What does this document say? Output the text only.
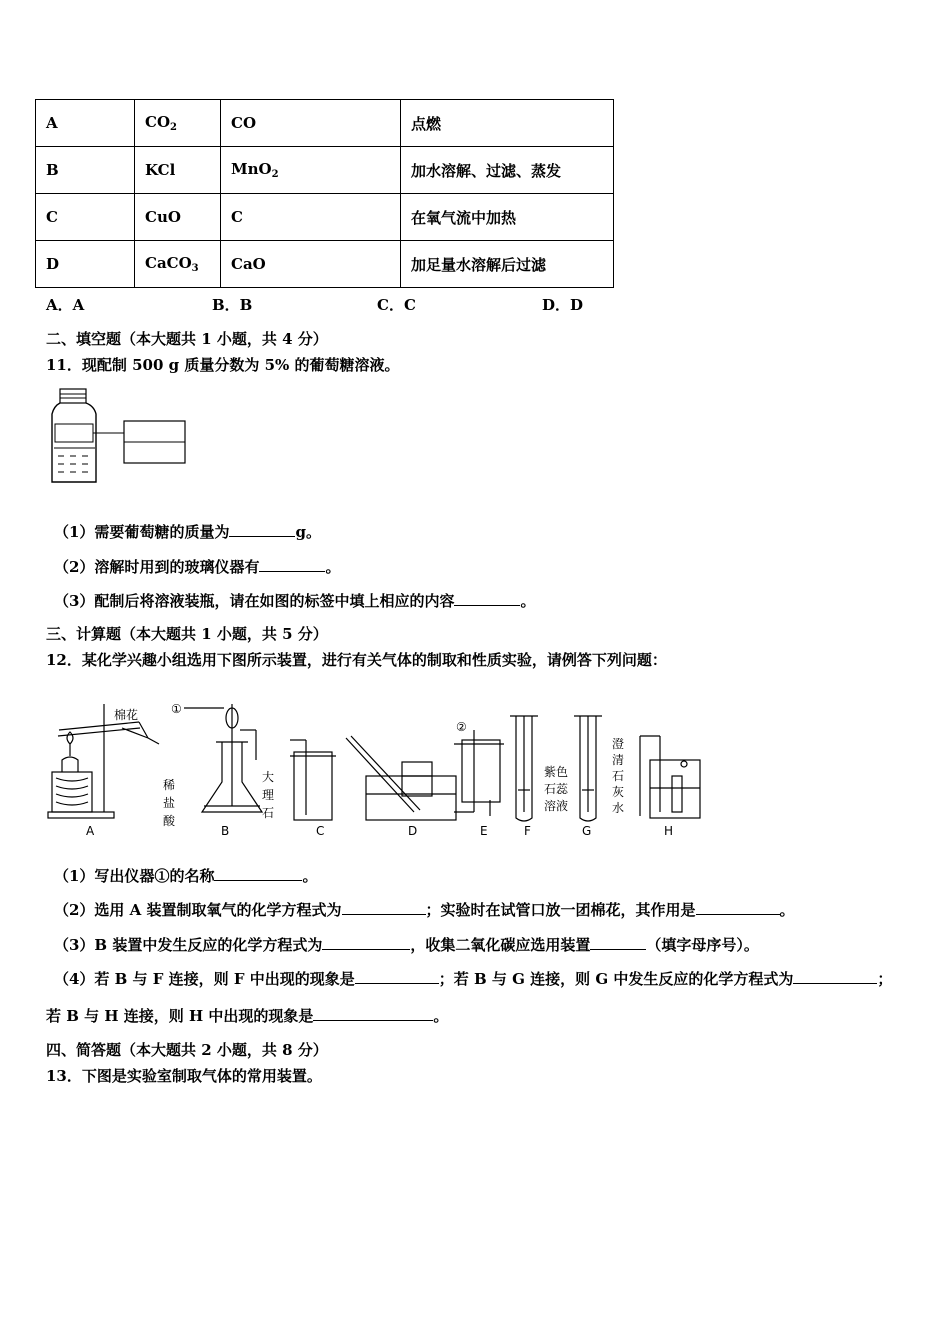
A	$CO_2$	CO	点燃
B	KCl	MnO$_2$	加水溶解、过滤、蒸发
C	CuO	C	在氧气流中加热
D	CaCO$_3$	CaO	加足量水溶解后过滤
A．A	B．B	C．C	D．D
二、填空题（本大题共 1 小题，共 4 分）
11．现配制 500 g 质量分数为 5% 的葡萄糖溶液。
（1）需要葡萄糖的质量为	g。
（2）溶解时用到的玻璃仪器有	。
（3）配制后将溶液装瓶，请在如图的标签中填上相应的内容	。
三、计算题（本大题共 1 小题，共 5 分）
12．某化学兴趣小组选用下图所示装置，进行有关气体的制取和性质实验，请例答下列问题：
棉花	①
②
稀
盐
酸
大
理
石
紫色
石蕊
溶液
澄
清
石
灰
水
A	B	C	D	E	F	G	H
（1）写出仪器①的名称	。
（2）选用 A 装置制取氧气的化学方程式为	；实验时在试管口放一团棉花，其作用是	。
（3）B 装置中发生反应的化学方程式为	，收集二氧化碳应选用装置	（填字母序号）。
（4）若 B 与 F 连接，则 F 中出现的现象是	；若 B 与 G 连接，则 G 中发生反应的化学方程式为	；
若 B 与 H 连接，则 H 中出现的现象是	。
四、简答题（本大题共 2 小题，共 8 分）
13．下图是实验室制取气体的常用装置。
